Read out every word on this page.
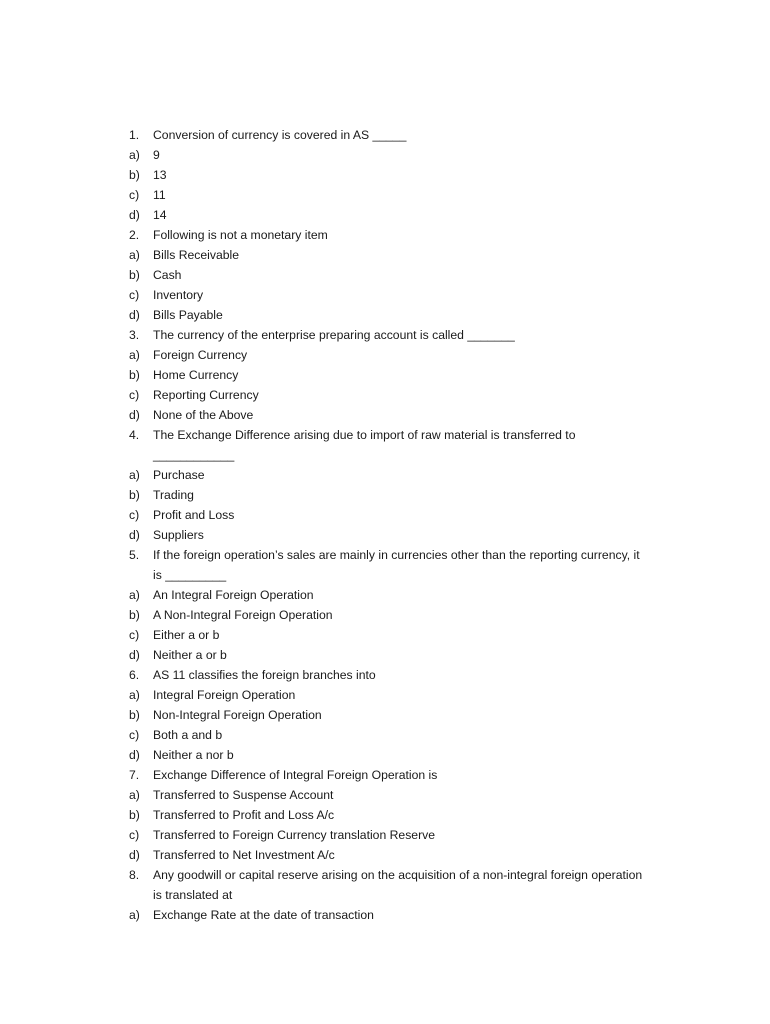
1.	Conversion of currency is covered in AS _____
a)	9
b)	13
c)	11
d)	14
2.	Following is not a monetary item
a)	Bills Receivable
b)	Cash
c)	Inventory
d)	Bills Payable
3.	The currency of the enterprise preparing account is called _______
a)	Foreign Currency
b)	Home Currency
c)	Reporting Currency
d)	None of the Above
4.	The Exchange Difference arising due to import of raw material is transferred to
____________
a)	Purchase
b)	Trading
c)	Profit and Loss
d)	Suppliers
5.	If the foreign operation’s sales are mainly in currencies other than the reporting currency, it
is _________
a)	An Integral Foreign Operation
b)	A Non-Integral Foreign Operation
c)	Either a or b
d)	Neither a or b
6.	AS 11 classifies the foreign branches into
a)	Integral Foreign Operation
b)	Non-Integral Foreign Operation
c)	Both a and b
d)	Neither a nor b
7.	Exchange Difference of Integral Foreign Operation is
a)	Transferred to Suspense Account
b)	Transferred to Profit and Loss A/c
c)	Transferred to Foreign Currency translation Reserve
d)	Transferred to Net Investment A/c
8.	Any goodwill or capital reserve arising on the acquisition of a non-integral foreign operation
is translated at
a)	Exchange Rate at the date of transaction
